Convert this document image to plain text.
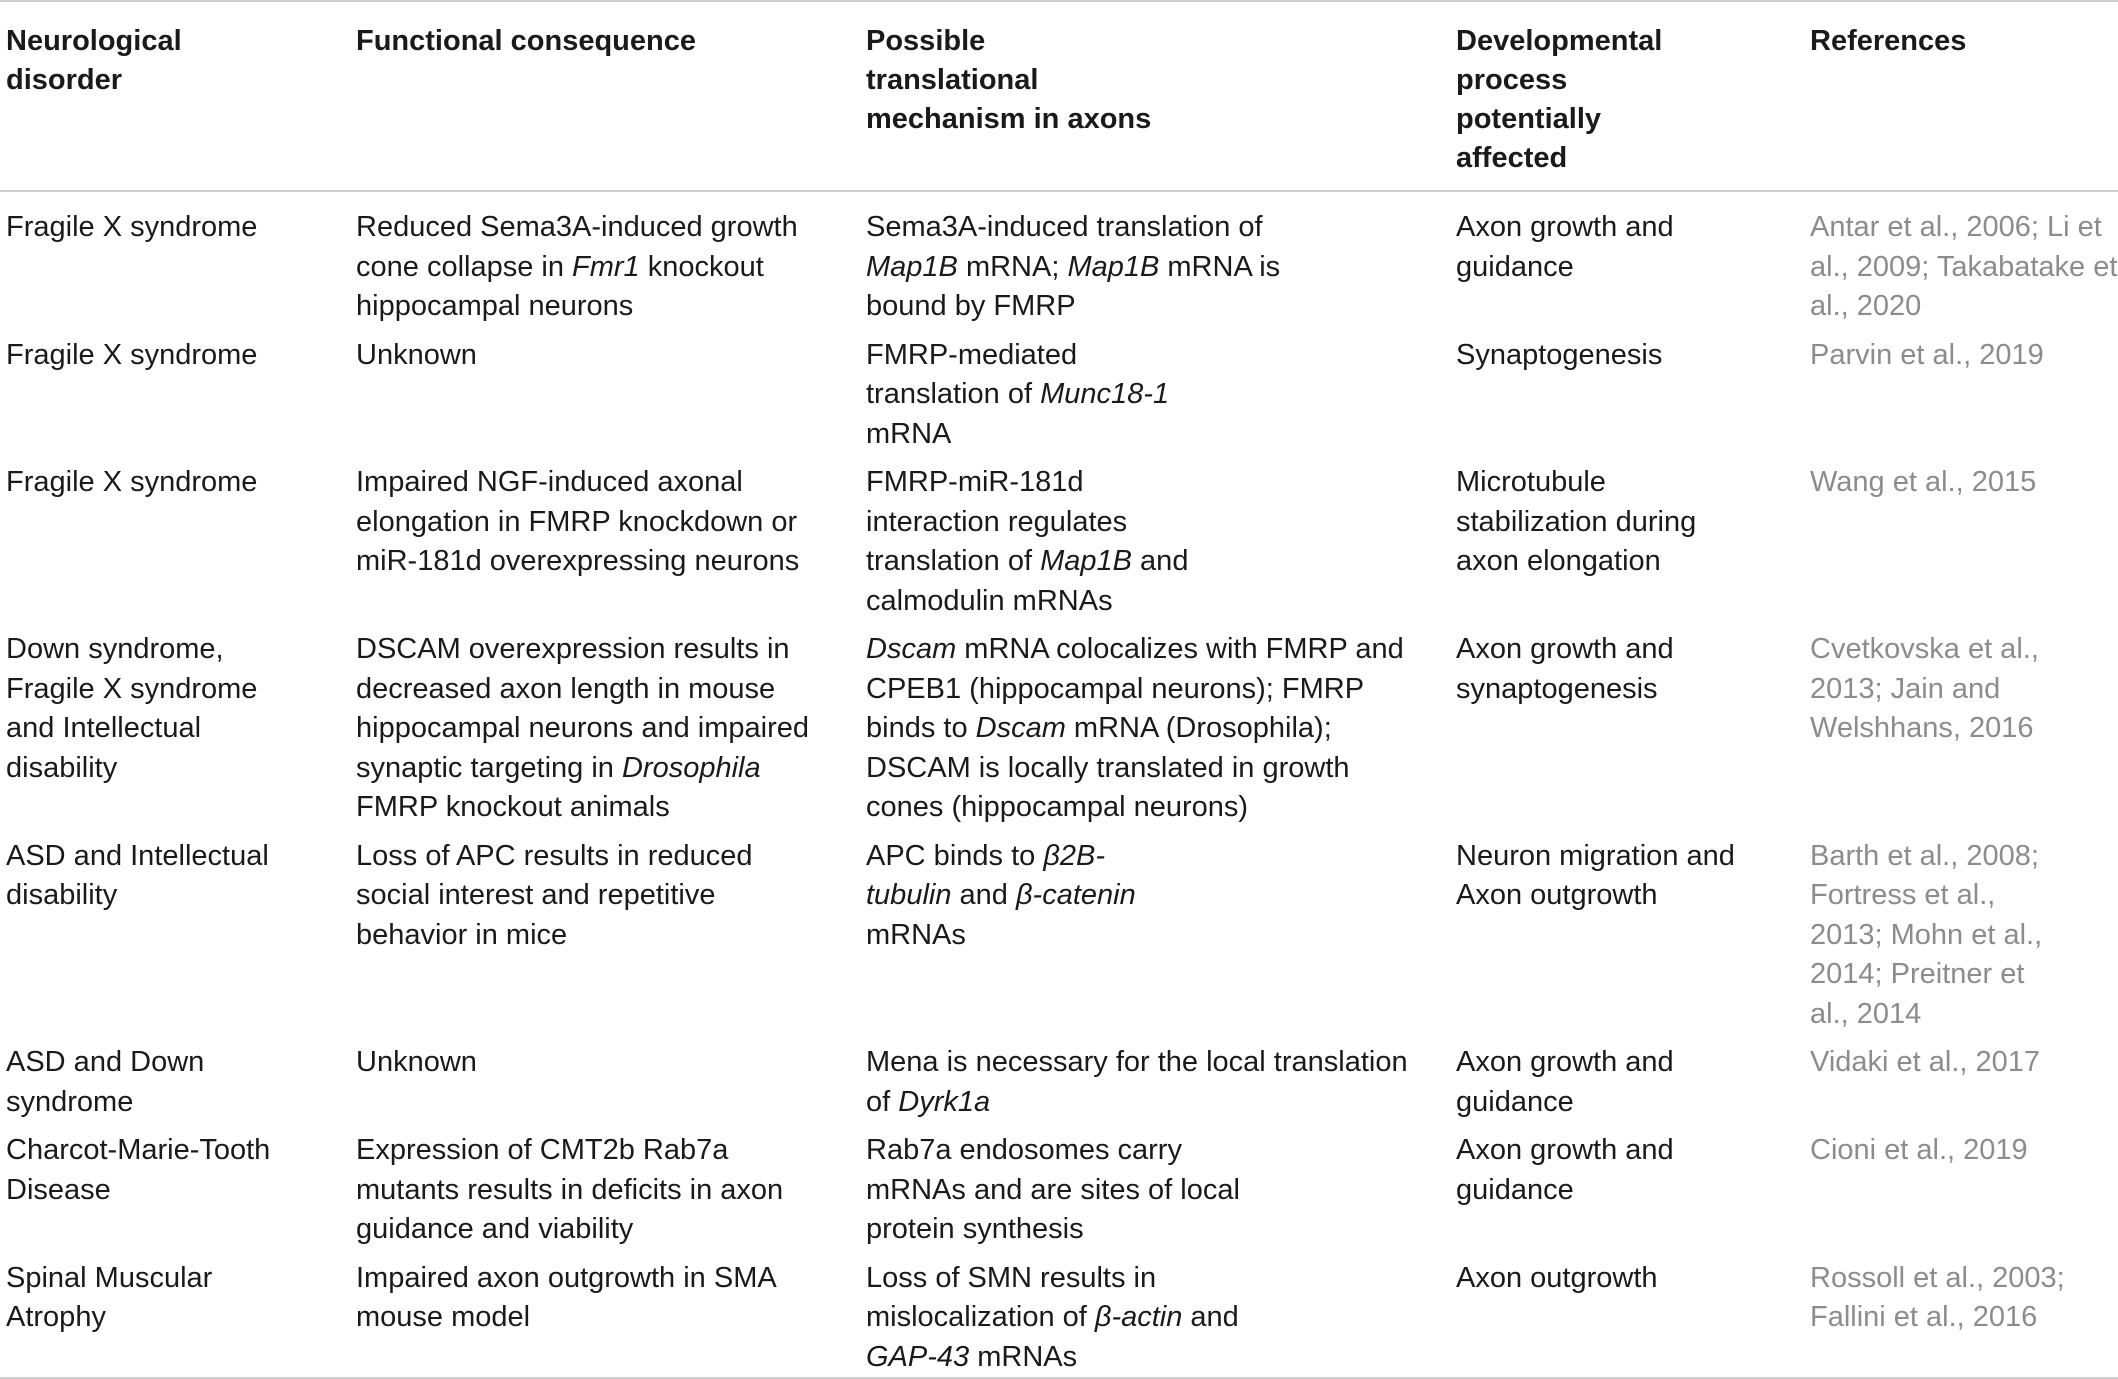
Neurological disorder	Functional consequence	Possible translational mechanism in axons	Developmental process potentially affected	References
Fragile X syndrome	Reduced Sema3A-induced growth cone collapse in Fmr1 knockout hippocampal neurons	Sema3A-induced translation of Map1B mRNA; Map1B mRNA is bound by FMRP	Axon growth and guidance	Antar et al., 2006; Li et al., 2009; Takabatake et al., 2020
Fragile X syndrome	Unknown	FMRP-mediated translation of Munc18-1 mRNA	Synaptogenesis	Parvin et al., 2019
Fragile X syndrome	Impaired NGF-induced axonal elongation in FMRP knockdown or miR-181d overexpressing neurons	FMRP-miR-181d interaction regulates translation of Map1B and calmodulin mRNAs	Microtubule stabilization during axon elongation	Wang et al., 2015
Down syndrome, Fragile X syndrome and Intellectual disability	DSCAM overexpression results in decreased axon length in mouse hippocampal neurons and impaired synaptic targeting in Drosophila FMRP knockout animals	Dscam mRNA colocalizes with FMRP and CPEB1 (hippocampal neurons); FMRP binds to Dscam mRNA (Drosophila); DSCAM is locally translated in growth cones (hippocampal neurons)	Axon growth and synaptogenesis	Cvetkovska et al., 2013; Jain and Welshhans, 2016
ASD and Intellectual disability	Loss of APC results in reduced social interest and repetitive behavior in mice	APC binds to β2B-tubulin and β-catenin mRNAs	Neuron migration and Axon outgrowth	Barth et al., 2008; Fortress et al., 2013; Mohn et al., 2014; Preitner et al., 2014
ASD and Down syndrome	Unknown	Mena is necessary for the local translation of Dyrk1a	Axon growth and guidance	Vidaki et al., 2017
Charcot-Marie-Tooth Disease	Expression of CMT2b Rab7a mutants results in deficits in axon guidance and viability	Rab7a endosomes carry mRNAs and are sites of local protein synthesis	Axon growth and guidance	Cioni et al., 2019
Spinal Muscular Atrophy	Impaired axon outgrowth in SMA mouse model	Loss of SMN results in mislocalization of β-actin and GAP-43 mRNAs	Axon outgrowth	Rossoll et al., 2003; Fallini et al., 2016
